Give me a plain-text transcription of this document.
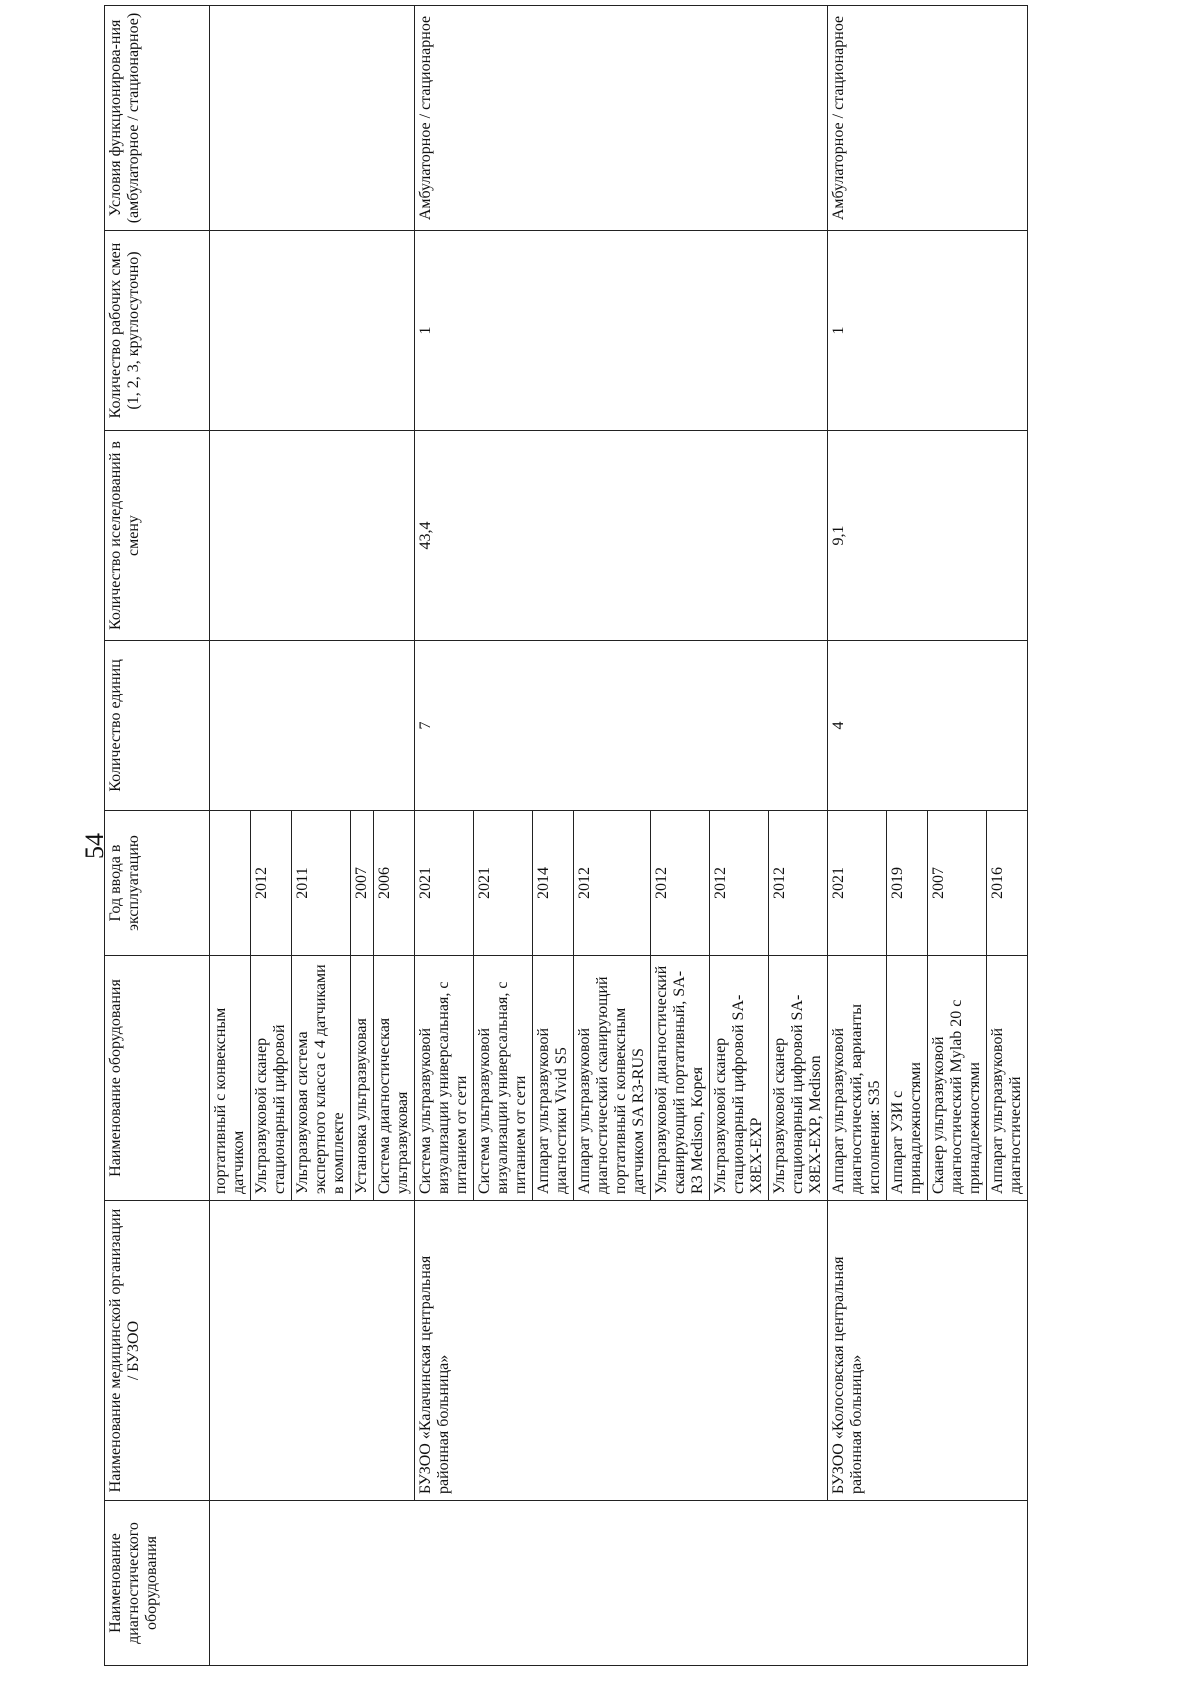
54
Наименование диагностического оборудования	Наименование медицинской организации / БУЗОО	Наименование оборудования	Год ввода в эксплуатацию	Количество единиц	Количество иселедований в смену	Количество рабочих смен (1, 2, 3, круглосуточно)	Условия функционирова-ния (амбулаторное / стационарное)
		портативный с конвексным датчиком					
		Ультразвуковой сканер стационарный цифровой	2012				
		Ультразвуковая система экспертного класса с 4 датчиками в комплекте	2011				
		Установка ультразвуковая	2007				
		Система диагностическая ультразвуковая	2006				
	БУЗОО «Калачинская центральная районная больница»	Система ультразвуковой визуализации универсальная, с питанием от сети	2021	7	43,4	1	Амбулаторное / стационарное
		Система ультразвуковой визуализации универсальная, с питанием от сети	2021				
		Аппарат ультразвуковой диагностики Vivid S5	2014				
		Аппарат ультразвуковой диагностический сканирующий портативный с конвексным датчиком SA R3-RUS	2012				
		Ультразвуковой диагностический сканирующий портативный, SA-R3 Medison, Корея	2012				
		Ультразвуковой сканер стационарный цифровой SA-X8EX-EXP	2012				
		Ультразвуковой сканер стационарный цифровой SA-X8EX-EXP, Medison	2012				
	БУЗОО «Колосовская центральная районная больница»	Аппарат ультразвуковой диагностический, варианты исполнения: S35	2021	4	9,1	1	Амбулаторное / стационарное
		Аппарат УЗИ с принадлежностями	2019				
		Сканер ультразвуковой диагностический Mylab 20 с принадлежностями	2007				
		Аппарат ультразвуковой диагностический	2016				
